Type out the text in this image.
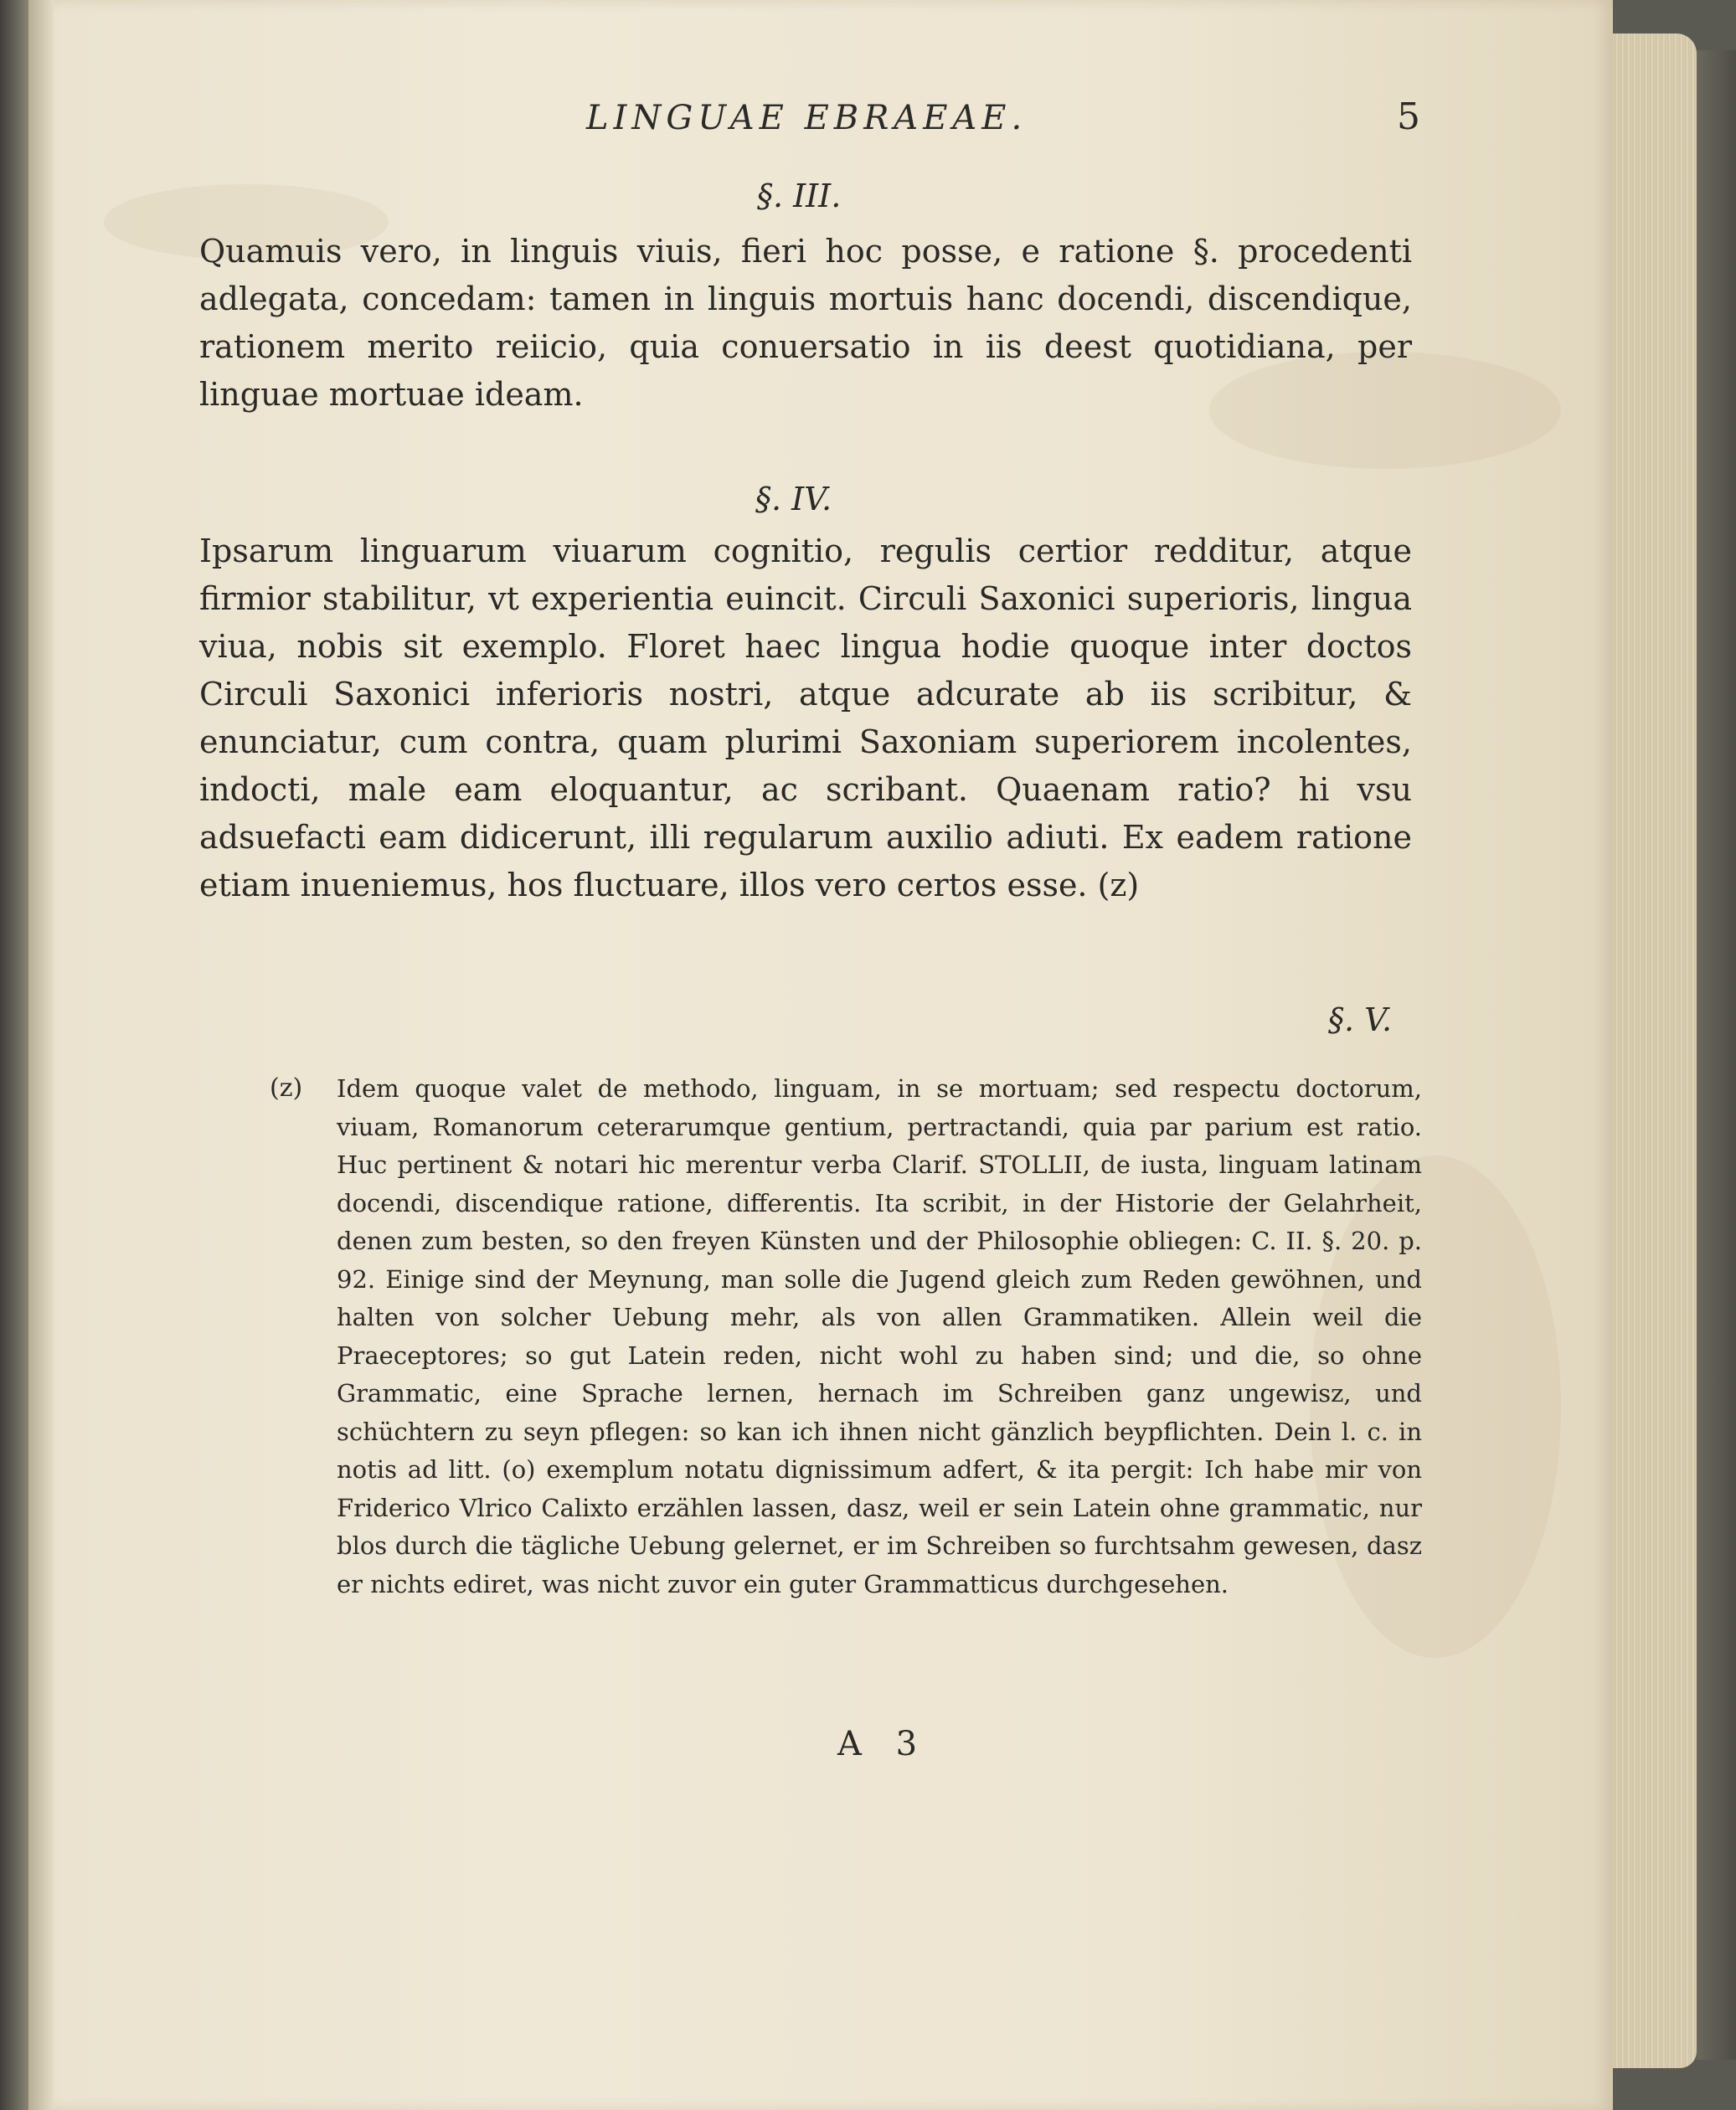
LINGUAE EBRAEAE.	5
§. III.

Quamuis vero, in linguis viuis, fieri hoc posse, e ratione §. procedenti adlegata, concedam: tamen in linguis mortuis hanc docendi, discendique, rationem merito reiicio, quia conuersatio in iis deest quotidiana, per linguae mortuae ideam.

§. IV.

Ipsarum linguarum viuarum cognitio, regulis certior redditur, atque firmior stabilitur, vt experientia euincit. Circuli Saxonici superioris, lingua viua, nobis sit exemplo. Floret haec lingua hodie quoque inter doctos Circuli Saxonici inferioris nostri, atque adcurate ab iis scribitur, & enunciatur, cum contra, quam plurimi Saxoniam superiorem incolentes, indocti, male eam eloquantur, ac scribant. Quaenam ratio? hi vsu adsuefacti eam didicerunt, illi regularum auxilio adiuti. Ex eadem ratione etiam inueniemus, hos fluctuare, illos vero certos esse. (z)

§. V.
(z) Idem quoque valet de methodo, linguam, in se mortuam; sed respectu doctorum, viuam, Romanorum ceterarumque gentium, pertractandi, quia par parium est ratio. Huc pertinent & notari hic merentur verba Clarif. STOLLII, de iusta, linguam latinam docendi, discendique ratione, differentis. Ita scribit, in der Historie der Gelahrheit, denen zum besten, so den freyen Künsten und der Philosophie obliegen: C. II. §. 20. p. 92. Einige sind der Meynung, man solle die Jugend gleich zum Reden gewöhnen, und halten von solcher Uebung mehr, als von allen Grammatiken. Allein weil die Praeceptores; so gut Latein reden, nicht wohl zu haben sind; und die, so ohne Grammatic, eine Sprache lernen, hernach im Schreiben ganz ungewisz, und schüchtern zu seyn pflegen: so kan ich ihnen nicht gänzlich beypflichten. Dein l. c. in notis ad litt. (o) exemplum notatu dignissimum adfert, & ita pergit: Ich habe mir von Friderico Vlrico Calixto erzählen lassen, dasz, weil er sein Latein ohne grammatic, nur blos durch die tägliche Uebung gelernet, er im Schreiben so furchtsahm gewesen, dasz er nichts ediret, was nicht zuvor ein guter Grammatticus durchgesehen.

A 3
